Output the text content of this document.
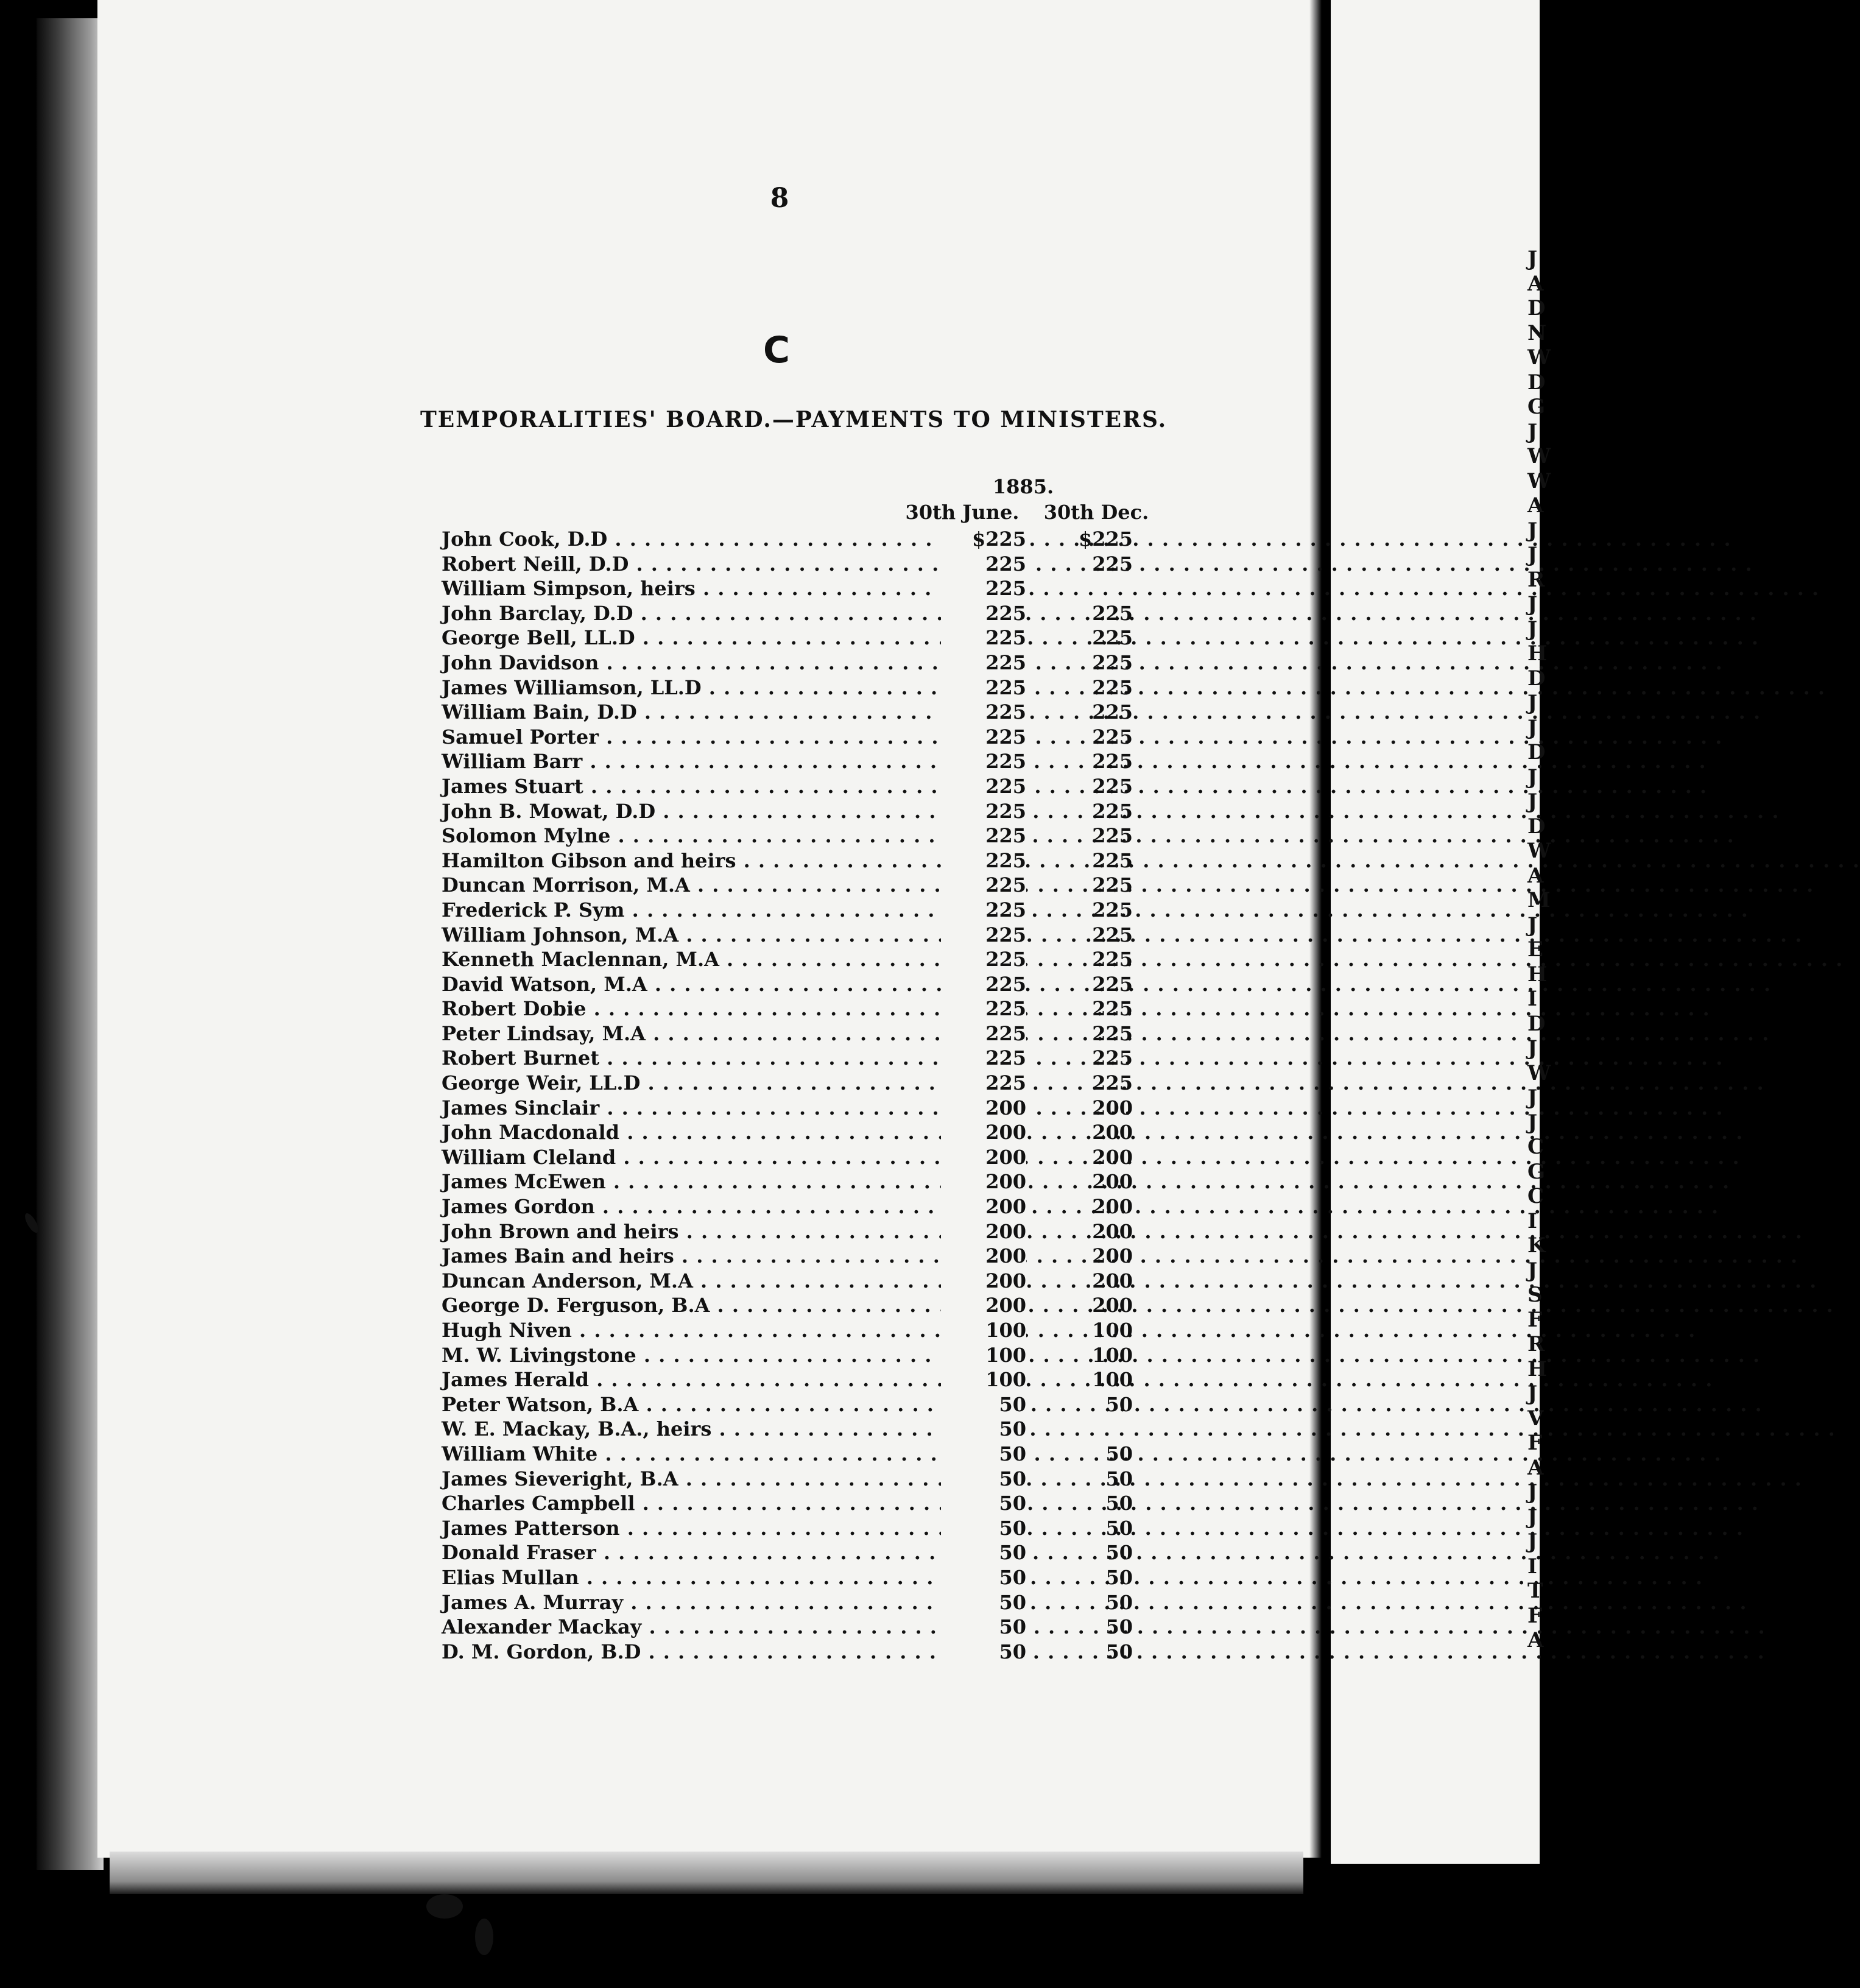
J
A
D
N
W
D
G
J
W
W
A
J
J
R
J
J
H
D
J
J
D
J
J
D
W
A
M
J
E
H
I
D
J
W
J
J
C
G
C
I
K
J
S
F
R
H
J
V
F
A
J
J
J
I
T
F
A
8
C
TEMPORALITIES' BOARD.—PAYMENTS TO MINISTERS.
1885.
30th June.	30th Dec.
John Cook, D.D . . .	$225	$225
Robert Neill, D.D . . .	225	225
William Simpson, heirs . . .	225
John Barclay, D.D . . .	225	225
George Bell, LL.D . . .	225	225
John Davidson . . .	225	225
James Williamson, LL.D . . .	225	225
William Bain, D.D . . .	225	225
Samuel Porter . . .	225	225
William Barr . . .	225	225
James Stuart . . .	225	225
John B. Mowat, D.D . . .	225	225
Solomon Mylne . . .	225	225
Hamilton Gibson and heirs . . .	225	225
Duncan Morrison, M.A . . .	225	225
Frederick P. Sym . . .	225	225
William Johnson, M.A . . .	225	225
Kenneth Maclennan, M.A . . .	225	225
David Watson, M.A . . .	225	225
Robert Dobie . . .	225	225
Peter Lindsay, M.A . . .	225	225
Robert Burnet . . .	225	225
George Weir, LL.D . . .	225	225
James Sinclair . . .	200	200
John Macdonald . . .	200	200
William Cleland . . .	200	200
James McEwen . . .	200	200
James Gordon . . .	200	200
John Brown and heirs . . .	200	200
James Bain and heirs . . .	200	200
Duncan Anderson, M.A . . .	200	200
George D. Ferguson, B.A . . .	200	200
Hugh Niven . . .	100	100
M. W. Livingstone . . .	100	100
James Herald . . .	100	100
Peter Watson, B.A . . .	50	50
W. E. Mackay, B.A., heirs . . .	50
William White . . .	50	50
James Sieveright, B.A . . .	50	50
Charles Campbell . . .	50	50
James Patterson . . .	50	50
Donald Fraser . . .	50	50
Elias Mullan . . .	50	50
James A. Murray . . .	50	50
Alexander Mackay . . .	50	50
D. M. Gordon, B.D . . .	50	50
